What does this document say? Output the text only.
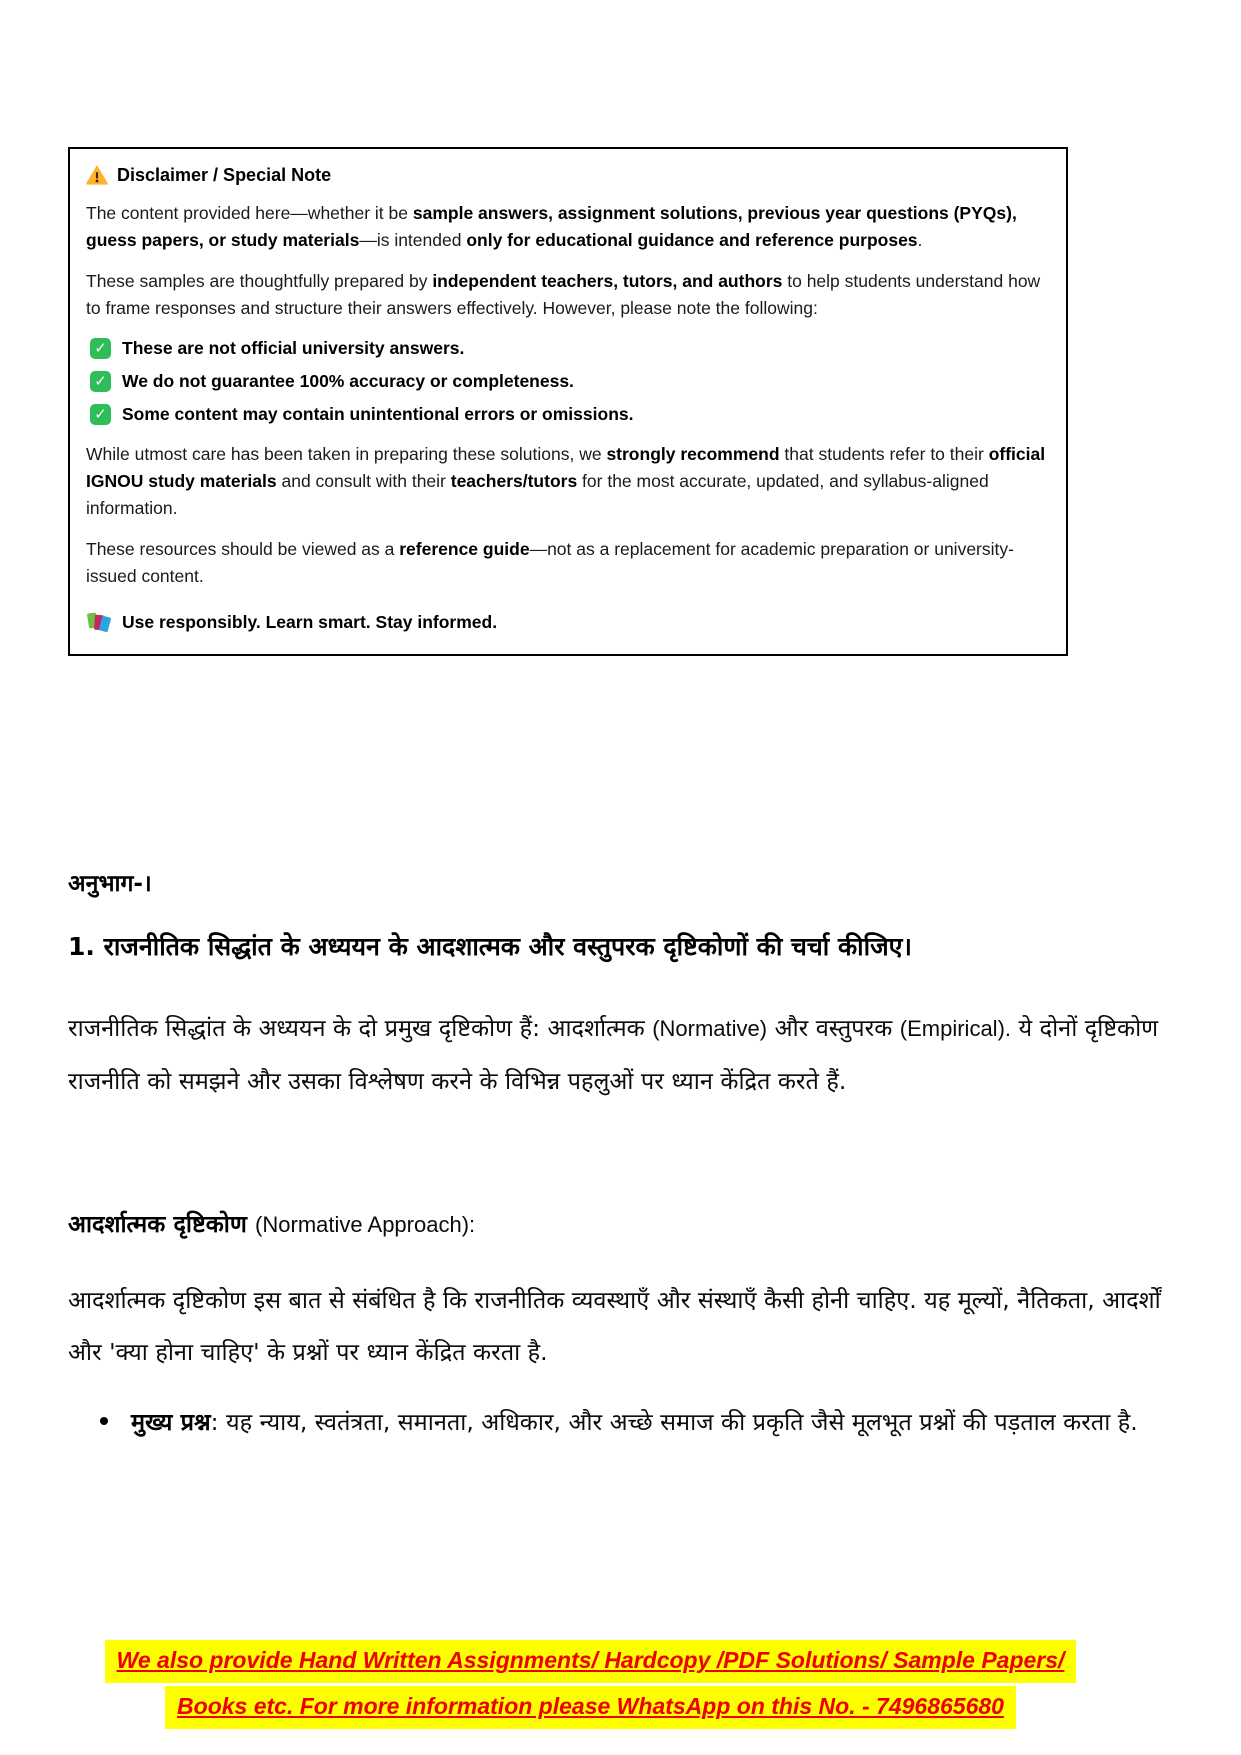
Disclaimer / Special Note

The content provided here—whether it be sample answers, assignment solutions, previous year questions (PYQs), guess papers, or study materials—is intended only for educational guidance and reference purposes.

These samples are thoughtfully prepared by independent teachers, tutors, and authors to help students understand how to frame responses and structure their answers effectively. However, please note the following:

✓ These are not official university answers.
✓ We do not guarantee 100% accuracy or completeness.
✓ Some content may contain unintentional errors or omissions.

While utmost care has been taken in preparing these solutions, we strongly recommend that students refer to their official IGNOU study materials and consult with their teachers/tutors for the most accurate, updated, and syllabus-aligned information.

These resources should be viewed as a reference guide—not as a replacement for academic preparation or university-issued content.

Use responsibly. Learn smart. Stay informed.
अनुभाग-।
1. राजनीतिक सिद्धांत के अध्ययन के आदशात्मक और वस्तुपरक दृष्टिकोणों की चर्चा कीजिए।

राजनीतिक सिद्धांत के अध्ययन के दो प्रमुख दृष्टिकोण हैं: आदर्शात्मक (Normative) और वस्तुपरक (Empirical). ये दोनों दृष्टिकोण राजनीति को समझने और उसका विश्लेषण करने के विभिन्न पहलुओं पर ध्यान केंद्रित करते हैं.

आदर्शात्मक दृष्टिकोण (Normative Approach):

आदर्शात्मक दृष्टिकोण इस बात से संबंधित है कि राजनीतिक व्यवस्थाएँ और संस्थाएँ कैसी होनी चाहिए. यह मूल्यों, नैतिकता, आदर्शों और 'क्या होना चाहिए' के प्रश्नों पर ध्यान केंद्रित करता है.

मुख्य प्रश्न: यह न्याय, स्वतंत्रता, समानता, अधिकार, और अच्छे समाज की प्रकृति जैसे मूलभूत प्रश्नों की पड़ताल करता है.
We also provide Hand Written Assignments/ Hardcopy /PDF Solutions/ Sample Papers/
Books etc. For more information please WhatsApp on this No. - 7496865680
